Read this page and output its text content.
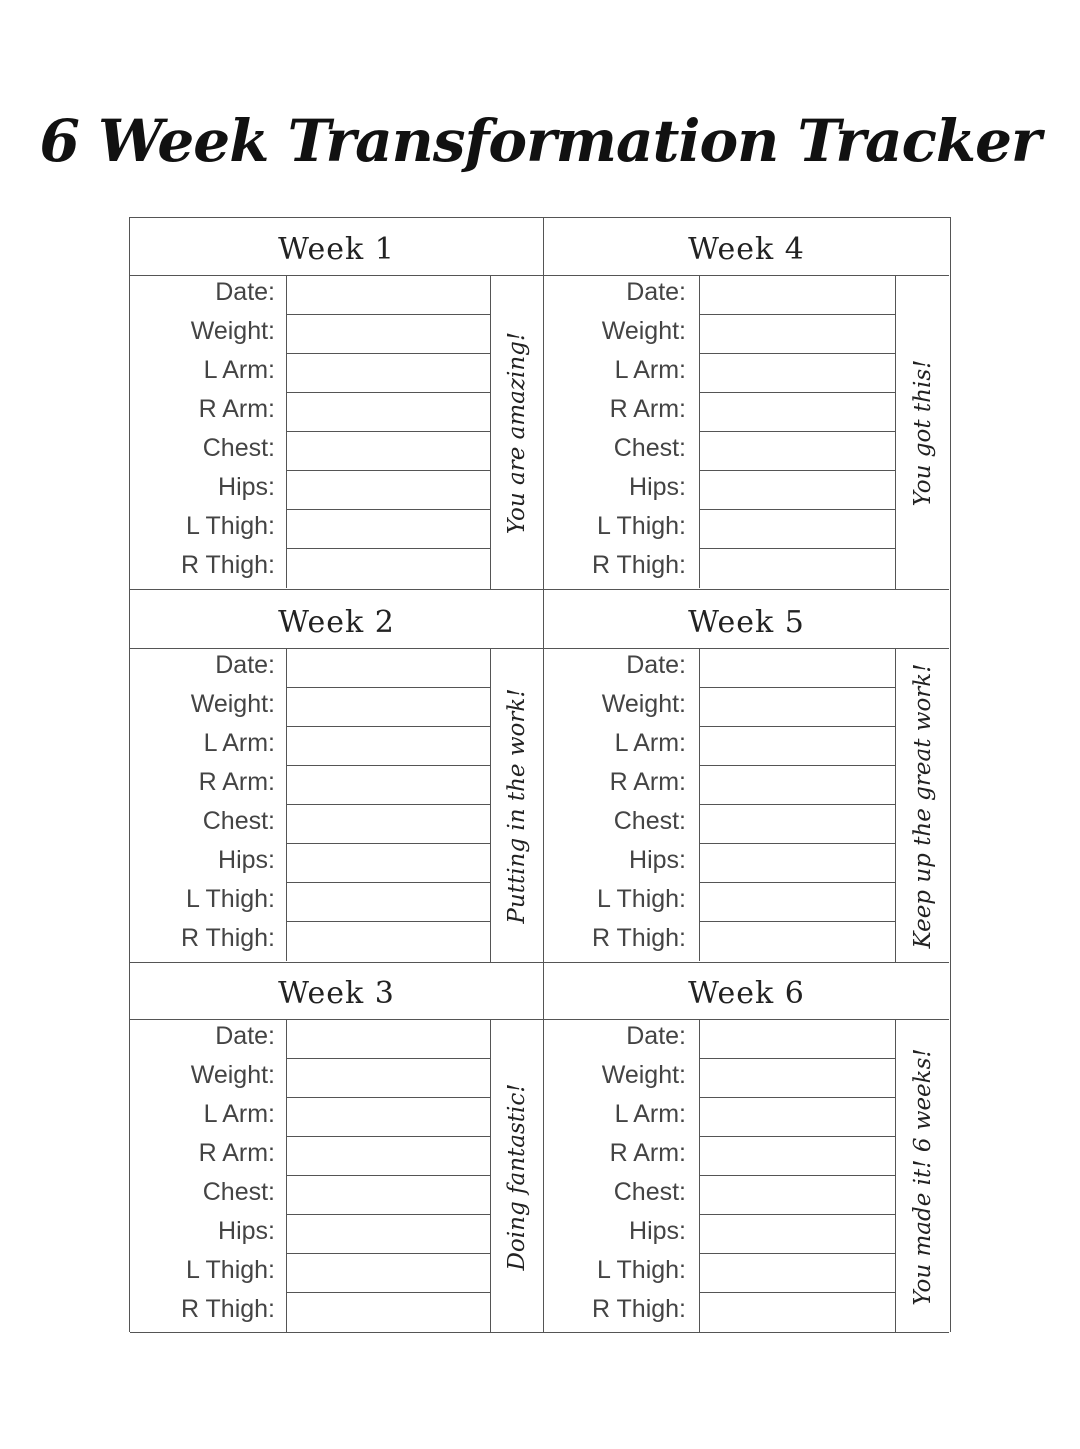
6 Week Transformation Tracker
Week 1
Date:
Weight:
L Arm:
R Arm:
Chest:
Hips:
L Thigh:
R Thigh:
You are amazing!
Week 2
Date:
Weight:
L Arm:
R Arm:
Chest:
Hips:
L Thigh:
R Thigh:
Putting in the work!
Week 3
Date:
Weight:
L Arm:
R Arm:
Chest:
Hips:
L Thigh:
R Thigh:
Doing fantastic!
Week 4
Date:
Weight:
L Arm:
R Arm:
Chest:
Hips:
L Thigh:
R Thigh:
You got this!
Week 5
Date:
Weight:
L Arm:
R Arm:
Chest:
Hips:
L Thigh:
R Thigh:	Keep up the great work!
Week 6
Date:
Weight:
L Arm:
R Arm:
Chest:
Hips:
L Thigh:
R Thigh:
You made it! 6 weeks!
